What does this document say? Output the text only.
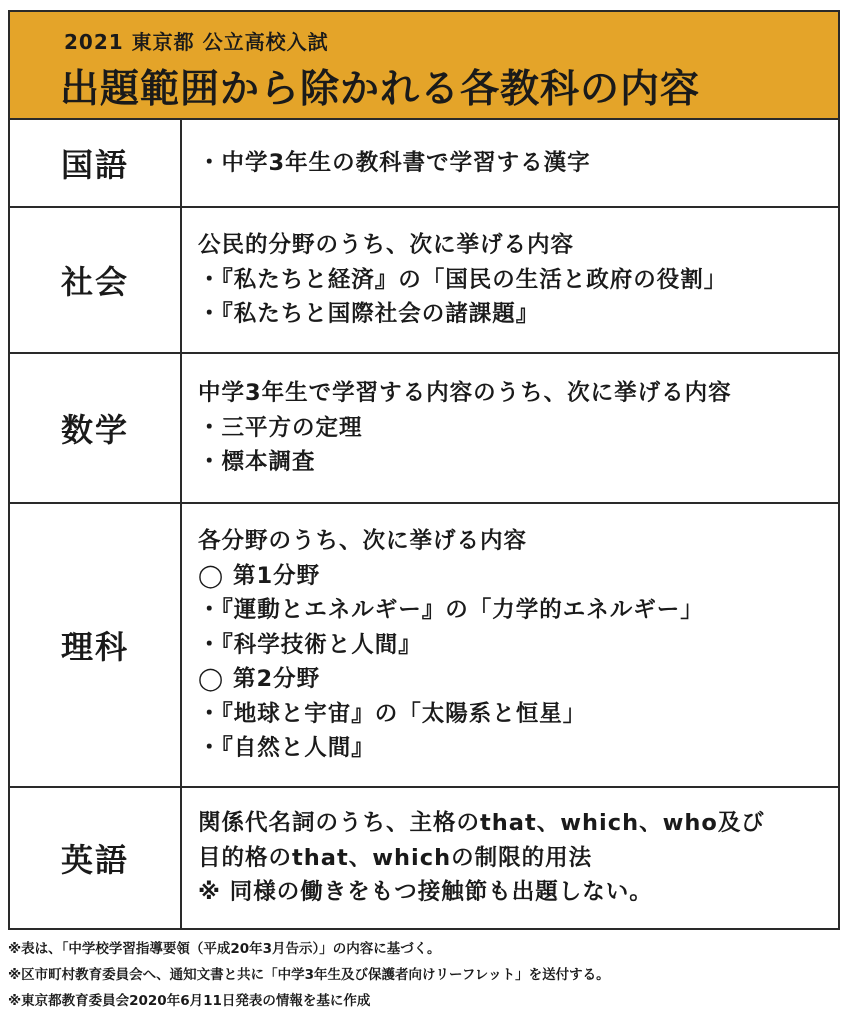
2021 東京都 公立高校入試
出題範囲から除かれる各教科の内容
国語	・中学3年生の教科書で学習する漢字
社会
公民的分野のうち、次に挙げる内容
・『私たちと経済』の「国民の生活と政府の役割」
・『私たちと国際社会の諸課題』
数学
中学3年生で学習する内容のうち、次に挙げる内容
・三平方の定理
・標本調査
理科
各分野のうち、次に挙げる内容
◯ 第1分野
・『運動とエネルギー』の「力学的エネルギー」
・『科学技術と人間』
◯ 第2分野
・『地球と宇宙』の「太陽系と恒星」
・『自然と人間』
英語
関係代名詞のうち、主格のthat、which、who及び
目的格のthat、whichの制限的用法
※ 同様の働きをもつ接触節も出題しない。
※表は、「中学校学習指導要領（平成20年3月告示）」の内容に基づく。
※区市町村教育委員会へ、通知文書と共に「中学3年生及び保護者向けリーフレット」を送付する。
※東京都教育委員会2020年6月11日発表の情報を基に作成
